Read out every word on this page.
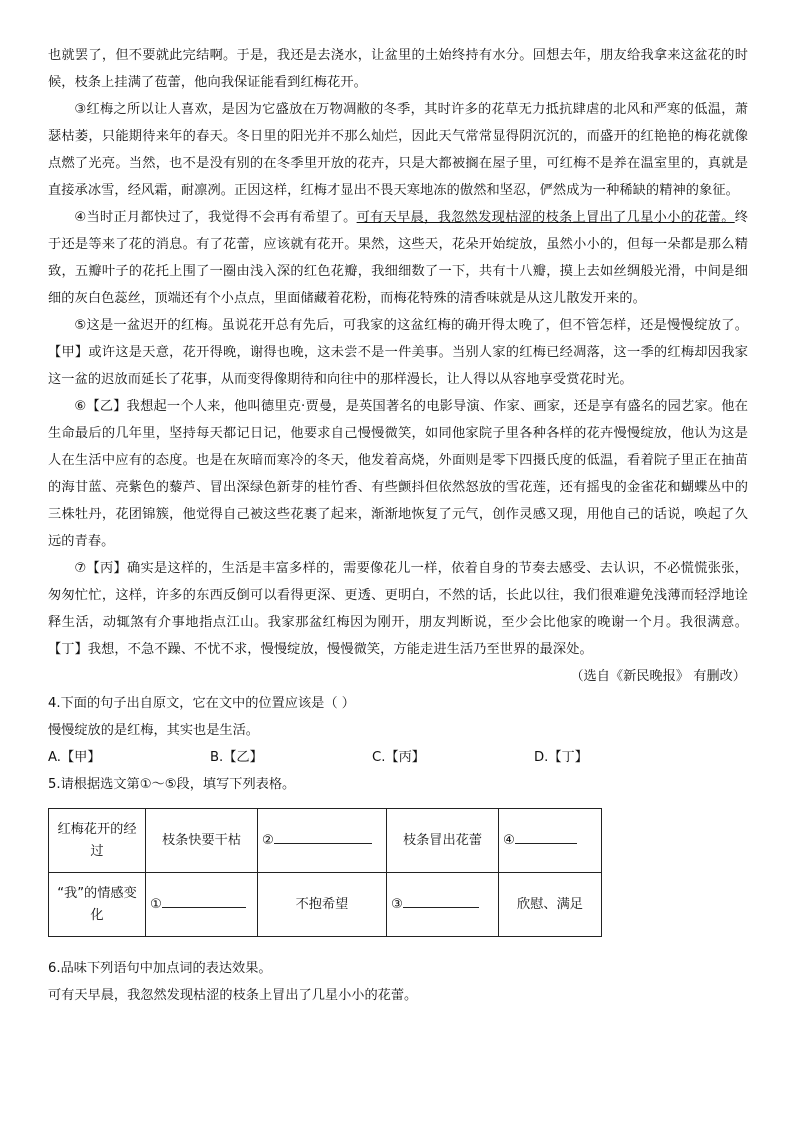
也就罢了，但不要就此完结啊。于是，我还是去浇水，让盆里的土始终持有水分。回想去年，朋友给我拿来这盆花的时候，枝条上挂满了苞蕾，他向我保证能看到红梅花开。

③红梅之所以让人喜欢，是因为它盛放在万物凋敝的冬季，其时许多的花草无力抵抗肆虐的北风和严寒的低温，萧瑟枯萎，只能期待来年的春天。冬日里的阳光并不那么灿烂，因此天气常常显得阴沉沉的，而盛开的红艳艳的梅花就像点燃了光亮。当然，也不是没有别的在冬季里开放的花卉，只是大都被搁在屋子里，可红梅不是养在温室里的，真就是直接承冰雪，经风霜，耐凛冽。正因这样，红梅才显出不畏天寒地冻的傲然和坚忍，俨然成为一种稀缺的精神的象征。

④当时正月都快过了，我觉得不会再有希望了。可有天早晨，我忽然发现枯涩的枝条上冒出了几星小小的花蕾。终于还是等来了花的消息。有了花蕾，应该就有花开。果然，这些天，花朵开始绽放，虽然小小的，但每一朵都是那么精致，五瓣叶子的花托上围了一圈由浅入深的红色花瓣，我细细数了一下，共有十八瓣，摸上去如丝绸般光滑，中间是细细的灰白色蕊丝，顶端还有个小点点，里面储藏着花粉，而梅花特殊的清香味就是从这儿散发开来的。

⑤这是一盆迟开的红梅。虽说花开总有先后，可我家的这盆红梅的确开得太晚了，但不管怎样，还是慢慢绽放了。【甲】或许这是天意，花开得晚，谢得也晚，这未尝不是一件美事。当别人家的红梅已经凋落，这一季的红梅却因我家这一盆的迟放而延长了花事，从而变得像期待和向往中的那样漫长，让人得以从容地享受赏花时光。

⑥【乙】我想起一个人来，他叫德里克·贾曼，是英国著名的电影导演、作家、画家，还是享有盛名的园艺家。他在生命最后的几年里，坚持每天都记日记，他要求自己慢慢微笑，如同他家院子里各种各样的花卉慢慢绽放，他认为这是人在生活中应有的态度。也是在灰暗而寒冷的冬天，他发着高烧，外面则是零下四摄氏度的低温，看着院子里正在抽苗的海甘蓝、亮紫色的藜芦、冒出深绿色新芽的桂竹香、有些颤抖但依然怒放的雪花莲，还有摇曳的金雀花和蝴蝶丛中的三株牡丹，花团锦簇，他觉得自己被这些花裹了起来，渐渐地恢复了元气，创作灵感又现，用他自己的话说，唤起了久远的青春。

⑦【丙】确实是这样的，生活是丰富多样的，需要像花儿一样，依着自身的节奏去感受、去认识，不必慌慌张张，匆匆忙忙，这样，许多的东西反倒可以看得更深、更透、更明白，不然的话，长此以往，我们很难避免浅薄而轻浮地诠释生活，动辄煞有介事地指点江山。我家那盆红梅因为刚开，朋友判断说，至少会比他家的晚谢一个月。我很满意。【丁】我想，不急不躁、不忧不求，慢慢绽放，慢慢微笑，方能走进生活乃至世界的最深处。

（选自《新民晚报》 有删改）

4.下面的句子出自原文，它在文中的位置应该是（ ）

慢慢绽放的是红梅，其实也是生活。

A.【甲】	B.【乙】	C.【丙】	D.【丁】

5.请根据选文第①～⑤段，填写下列表格。

红梅花开的经过	枝条快要干枯	②	枝条冒出花蕾	④
“我”的情感变化	①	不抱希望	③	欣慰、满足

6.品味下列语句中加点词的表达效果。

可有天早晨，我忽然发现枯涩的枝条上冒出了几星小小的花蕾。
